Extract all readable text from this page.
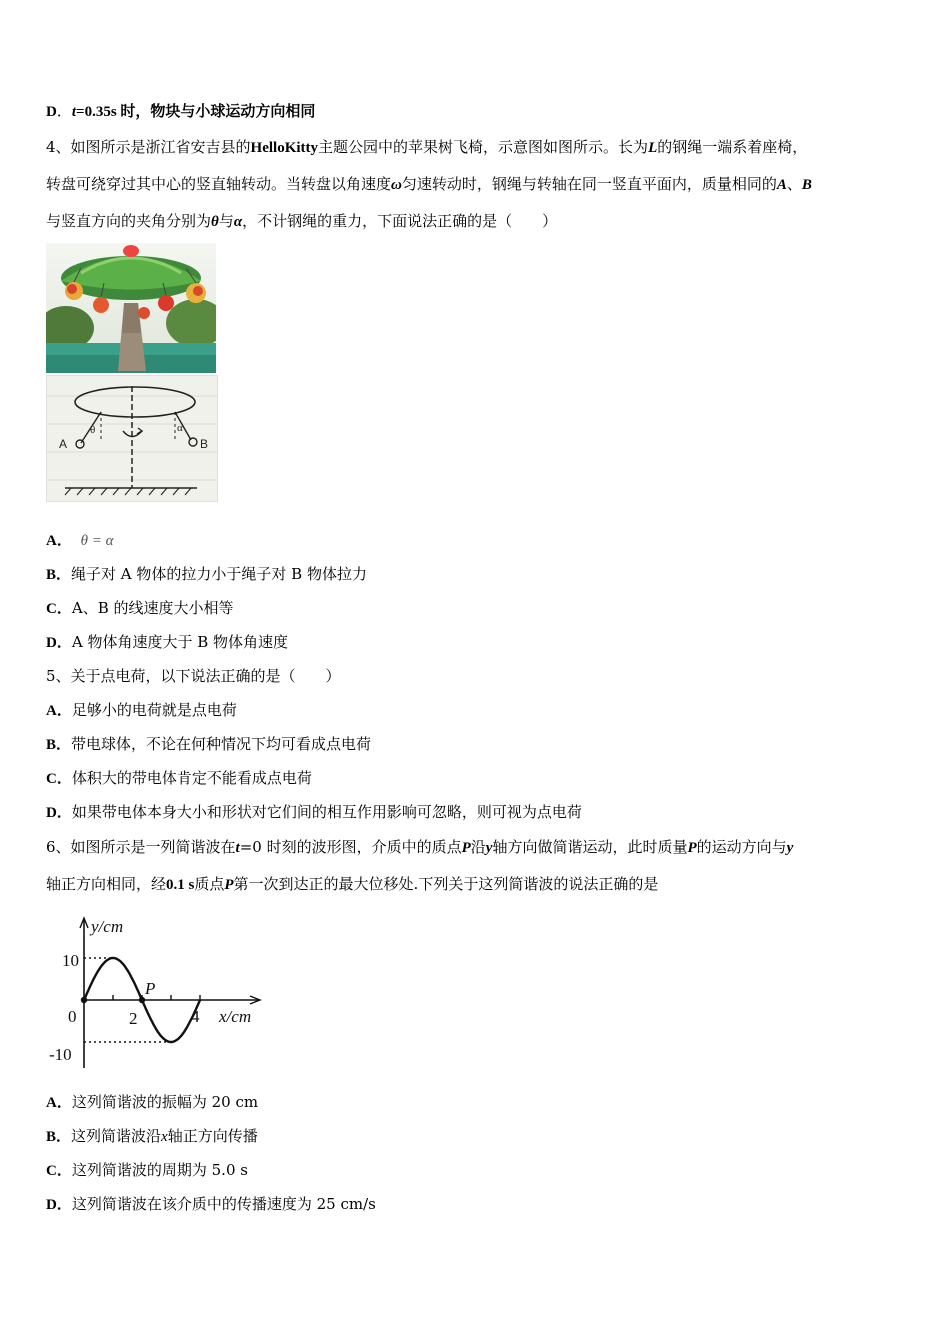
D．t=0.35s 时，物块与小球运动方向相同
4、如图所示是浙江省安吉县的HelloKitty主题公园中的苹果树飞椅，示意图如图所示。长为L的钢绳一端系着座椅，
转盘可绕穿过其中心的竖直轴转动。当转盘以角速度ω匀速转动时，钢绳与转轴在同一竖直平面内，质量相同的A、B
与竖直方向的夹角分别为θ与α，不计钢绳的重力，下面说法正确的是（　　）
A	B
θ	α
A． θ = α
B．绳子对 A 物体的拉力小于绳子对 B 物体拉力
C．A、B 的线速度大小相等
D．A 物体角速度大于 B 物体角速度
5、关于点电荷，以下说法正确的是（　　）
A．足够小的电荷就是点电荷
B．带电球体，不论在何种情况下均可看成点电荷
C．体积大的带电体肯定不能看成点电荷
D．如果带电体本身大小和形状对它们间的相互作用影响可忽略，则可视为点电荷
6、如图所示是一列简谐波在t=0 时刻的波形图，介质中的质点P沿y轴方向做简谐运动，此时质量P的运动方向与y
轴正方向相同，经0.1 s质点P第一次到达正的最大位移处.下列关于这列简谐波的说法正确的是
y/cm
x/cm
10
-10
0	2	4
P
A．这列简谐波的振幅为 20 cm
B．这列简谐波沿x轴正方向传播
C．这列简谐波的周期为 5.0 s
D．这列简谐波在该介质中的传播速度为 25 cm/s
